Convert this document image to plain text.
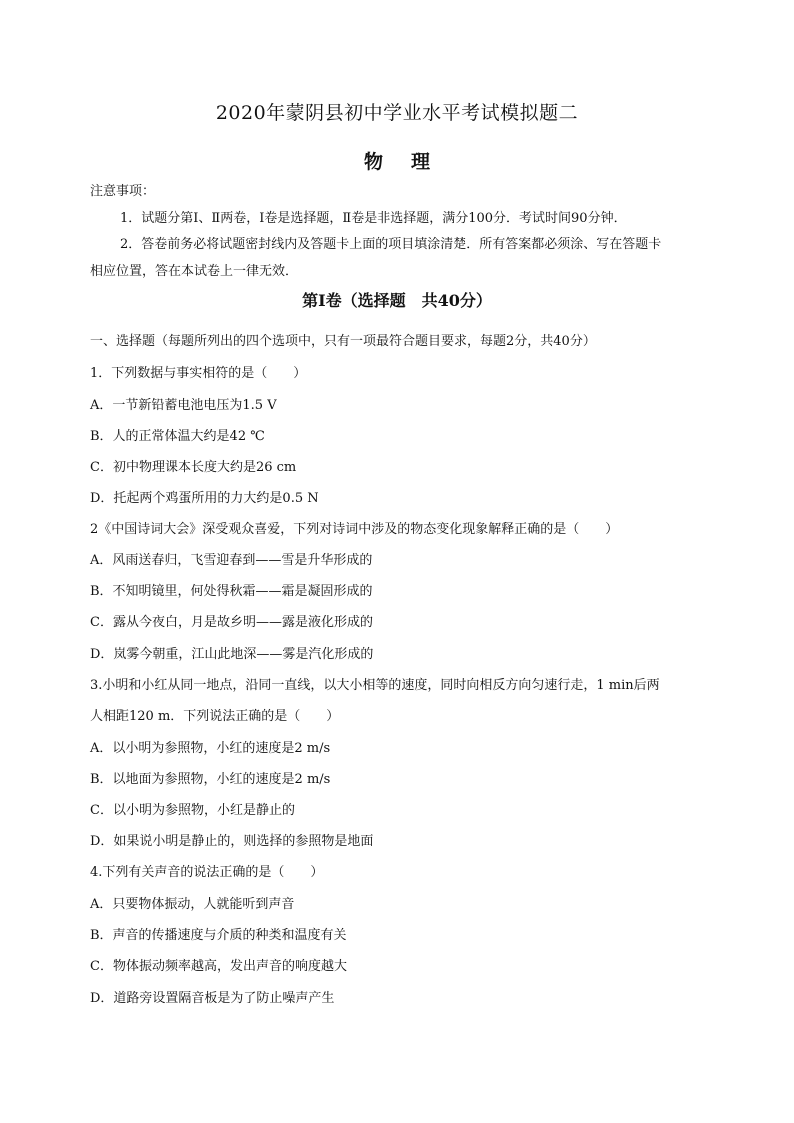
2020年蒙阴县初中学业水平考试模拟题二
物 理
注意事项：
1．试题分第Ⅰ、Ⅱ两卷，Ⅰ卷是选择题，Ⅱ卷是非选择题，满分100分．考试时间90分钟．
2．答卷前务必将试题密封线内及答题卡上面的项目填涂清楚．所有答案都必须涂、写在答题卡
相应位置，答在本试卷上一律无效．
第Ⅰ卷（选择题　共40分）
一、选择题（每题所列出的四个选项中，只有一项最符合题目要求，每题2分，共40分）
1．下列数据与事实相符的是（　　）
A．一节新铅蓄电池电压为1.5 V
B．人的正常体温大约是42 ℃
C．初中物理课本长度大约是26 cm
D．托起两个鸡蛋所用的力大约是0.5 N
2《中国诗词大会》深受观众喜爱，下列对诗词中涉及的物态变化现象解释正确的是（　　）
A．风雨送春归，飞雪迎春到——雪是升华形成的
B．不知明镜里，何处得秋霜——霜是凝固形成的
C．露从今夜白，月是故乡明——露是液化形成的
D．岚雾今朝重，江山此地深——雾是汽化形成的
3.小明和小红从同一地点，沿同一直线，以大小相等的速度，同时向相反方向匀速行走，1 min后两
人相距120 m．下列说法正确的是（　　）
A．以小明为参照物，小红的速度是2 m/s
B．以地面为参照物，小红的速度是2 m/s
C．以小明为参照物，小红是静止的
D．如果说小明是静止的，则选择的参照物是地面
4.下列有关声音的说法正确的是（　　）
A．只要物体振动，人就能听到声音
B．声音的传播速度与介质的种类和温度有关
C．物体振动频率越高，发出声音的响度越大
D．道路旁设置隔音板是为了防止噪声产生
